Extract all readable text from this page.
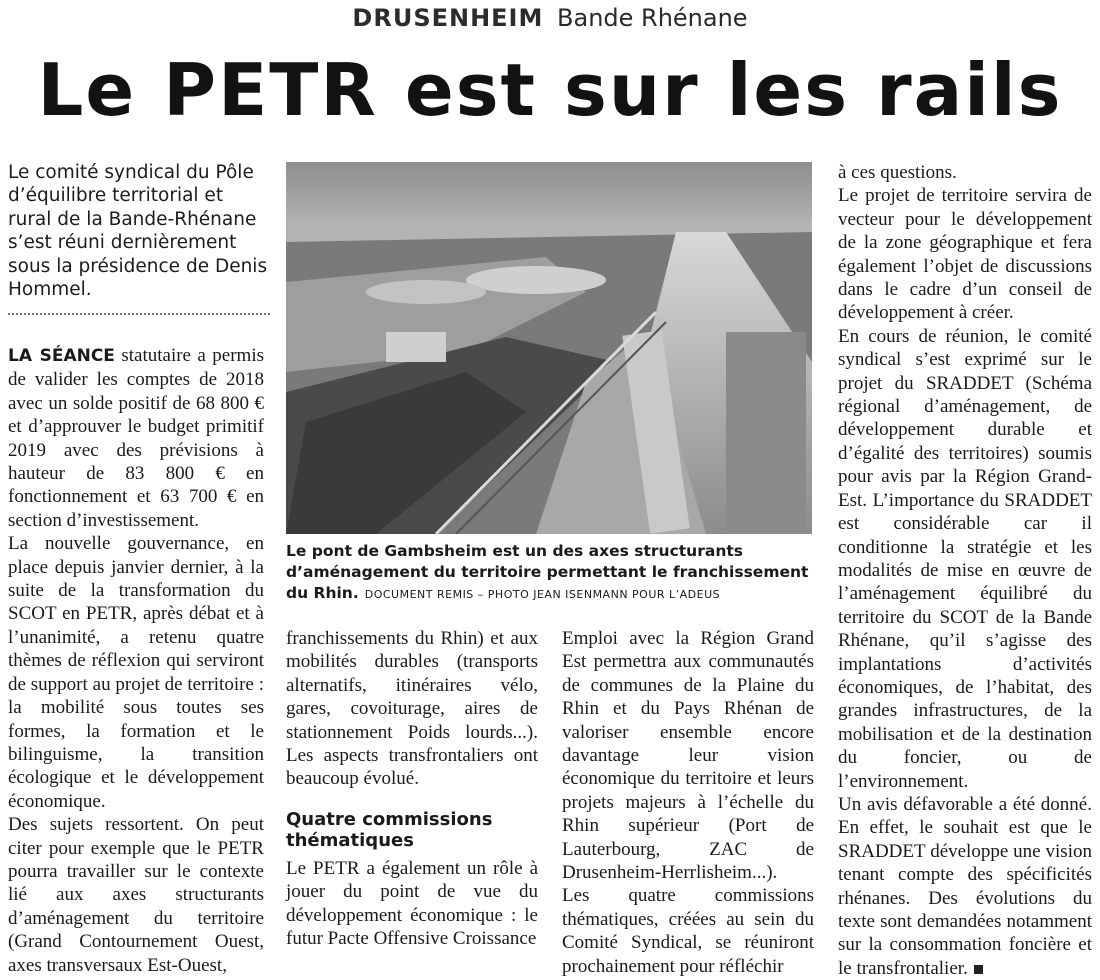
DRUSENHEIM Bande Rhénane
Le PETR est sur les rails
Le comité syndical du Pôle d’équilibre territorial et rural de la Bande-Rhénane s’est réuni dernièrement sous la présidence de Denis Hommel.

LA SÉANCE statutaire a permis de valider les comptes de 2018 avec un solde positif de 68 800 € et d’approuver le budget primitif 2019 avec des prévisions à hauteur de 83 800 € en fonctionnement et 63 700 € en section d’investissement.

La nouvelle gouvernance, en place depuis janvier dernier, à la suite de la transformation du SCOT en PETR, après débat et à l’unanimité, a retenu quatre thèmes de réflexion qui serviront de support au projet de territoire : la mobilité sous toutes ses formes, la formation et le bilinguisme, la transition écologique et le développement économique.

Des sujets ressortent. On peut citer pour exemple que le PETR pourra travailler sur le contexte lié aux axes structurants d’aménagement du territoire (Grand Contournement Ouest, axes transversaux Est-Ouest,

Le pont de Gambsheim est un des axes structurants d’aménagement du territoire permettant le franchissement du Rhin. DOCUMENT REMIS – PHOTO JEAN ISENMANN POUR L’ADEUS

franchissements du Rhin) et aux mobilités durables (transports alternatifs, itinéraires vélo, gares, covoiturage, aires de stationnement Poids lourds...). Les aspects transfrontaliers ont beaucoup évolué.

Quatre commissions thématiques

Le PETR a également un rôle à jouer du point de vue du développement économique : le futur Pacte Offensive Croissance

Emploi avec la Région Grand Est permettra aux communautés de communes de la Plaine du Rhin et du Pays Rhénan de valoriser ensemble encore davantage leur vision économique du territoire et leurs projets majeurs à l’échelle du Rhin supérieur (Port de Lauterbourg, ZAC de Drusenheim-Herrlisheim...).

Les quatre commissions thématiques, créées au sein du Comité Syndical, se réuniront prochainement pour réfléchir

à ces questions.

Le projet de territoire servira de vecteur pour le développement de la zone géographique et fera également l’objet de discussions dans le cadre d’un conseil de développement à créer.

En cours de réunion, le comité syndical s’est exprimé sur le projet du SRADDET (Schéma régional d’aménagement, de développement durable et d’égalité des territoires) soumis pour avis par la Région Grand-Est. L’importance du SRADDET est considérable car il conditionne la stratégie et les modalités de mise en œuvre de l’aménagement équilibré du territoire du SCOT de la Bande Rhénane, qu’il s’agisse des implantations d’activités économiques, de l’habitat, des grandes infrastructures, de la mobilisation et de la destination du foncier, ou de l’environnement.

Un avis défavorable a été donné. En effet, le souhait est que le SRADDET développe une vision tenant compte des spécificités rhénanes. Des évolutions du texte sont demandées notamment sur la consommation foncière et le transfrontalier.
